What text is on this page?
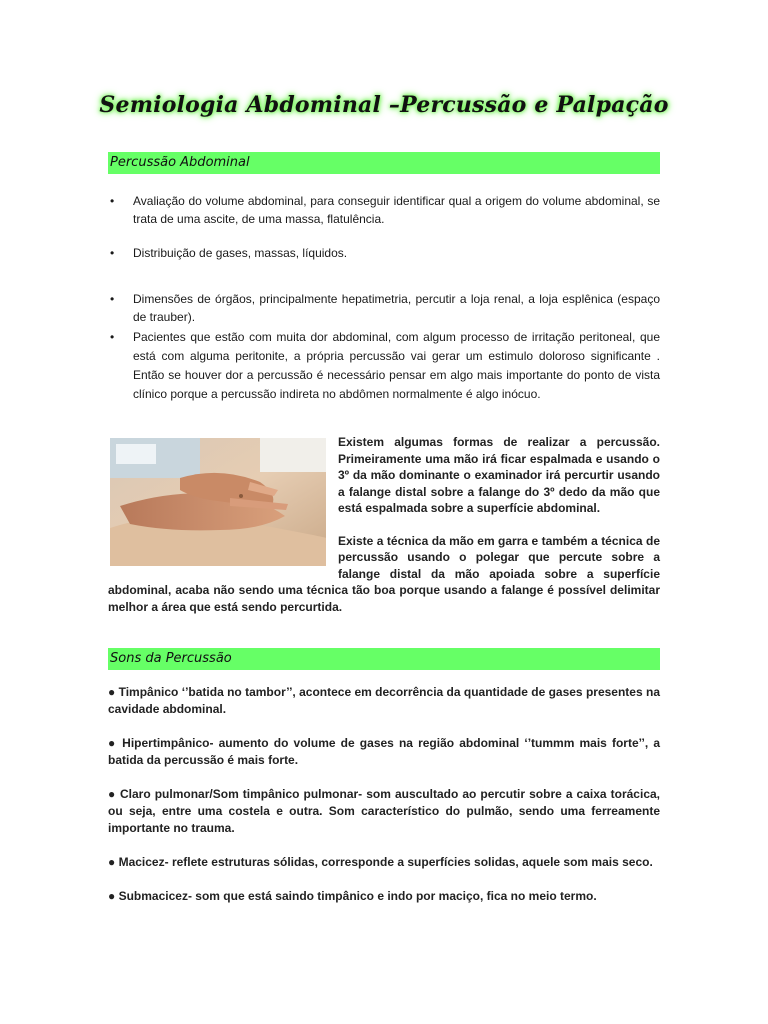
Semiologia Abdominal –Percussão e Palpação
Percussão Abdominal
• Avaliação do volume abdominal, para conseguir identificar qual a origem do volume abdominal, se trata de uma ascite, de uma massa, flatulência.
• Distribuição de gases, massas, líquidos.
• Dimensões de órgãos, principalmente hepatimetria, percutir a loja renal, a loja esplênica (espaço de trauber).
• Pacientes que estão com muita dor abdominal, com algum processo de irritação peritoneal, que está com alguma peritonite, a própria percussão vai gerar um estimulo doloroso significante . Então se houver dor a percussão é necessário pensar em algo mais importante do ponto de vista clínico porque a percussão indireta no abdômen normalmente é algo inócuo.

Existem algumas formas de realizar a percussão. Primeiramente uma mão irá ficar espalmada e usando o 3º da mão dominante o examinador irá percurtir usando a falange distal sobre a falange do 3º dedo da mão que está espalmada sobre a superfície abdominal.

Existe a técnica da mão em garra e também a técnica de percussão usando o polegar que percute sobre a falange distal da mão apoiada sobre a superfície abdominal, acaba não sendo uma técnica tão boa porque usando a falange é possível delimitar melhor a área que está sendo percurtida.

Sons da Percussão

● Timpânico ‘’batida no tambor’’, acontece em decorrência da quantidade de gases presentes na cavidade abdominal.

● Hipertimpânico- aumento do volume de gases na região abdominal ‘’tummm mais forte’’, a batida da percussão é mais forte.

● Claro pulmonar/Som timpânico pulmonar- som auscultado ao percutir sobre a caixa torácica, ou seja, entre uma costela e outra. Som característico do pulmão, sendo uma ferreamente importante no trauma.

● Macicez- reflete estruturas sólidas, corresponde a superfícies solidas, aquele som mais seco.

● Submacicez- som que está saindo timpânico e indo por maciço, fica no meio termo.
